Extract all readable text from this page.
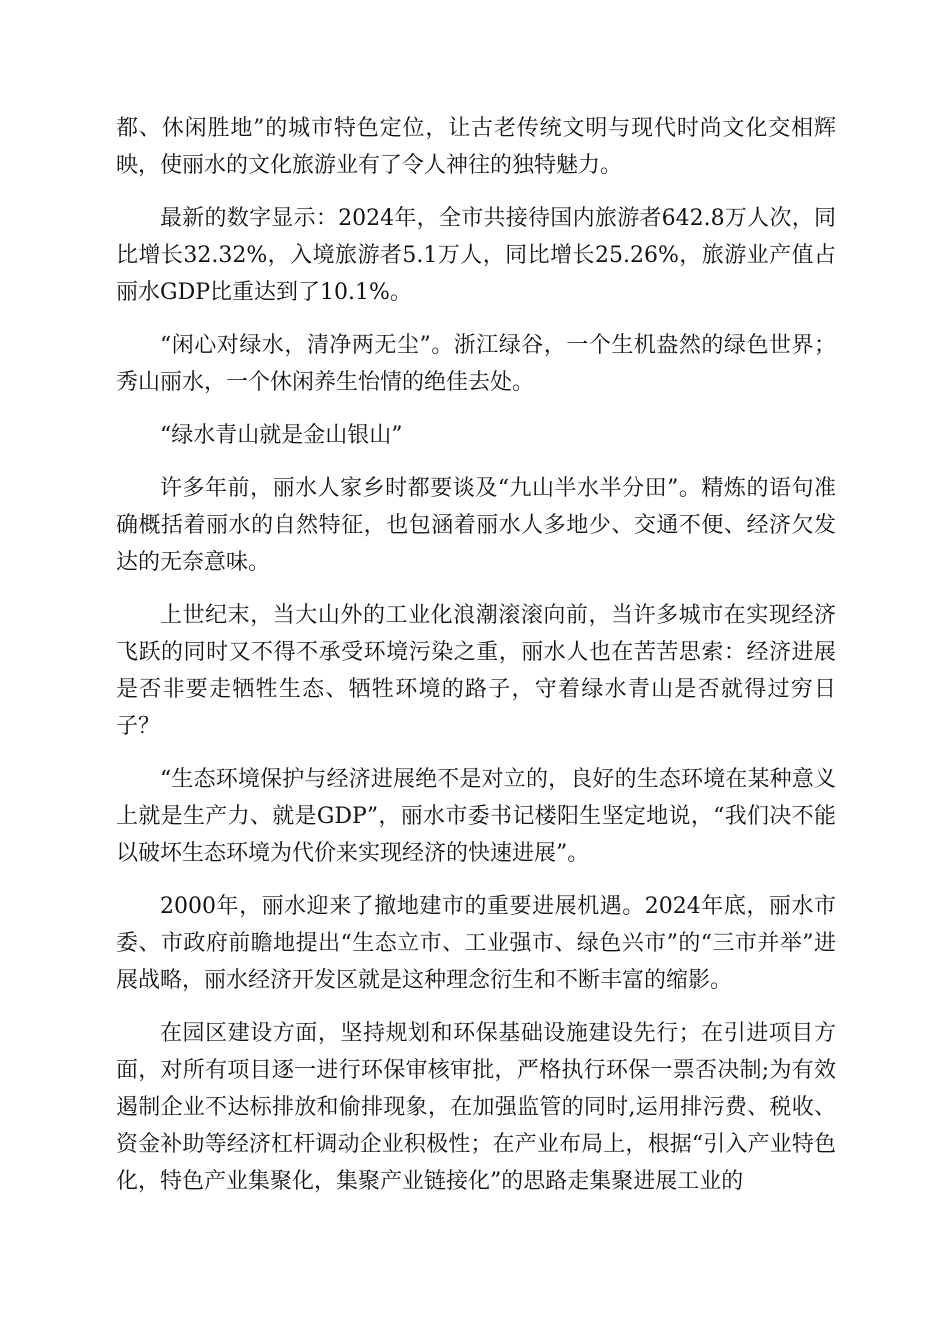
都、休闲胜地”的城市特色定位，让古老传统文明与现代时尚文化交相辉映，使丽水的文化旅游业有了令人神往的独特魅力。

最新的数字显示：2024年，全市共接待国内旅游者642.8万人次，同比增长32.32%，入境旅游者5.1万人，同比增长25.26%，旅游业产值占丽水GDP比重达到了10.1%。

“闲心对绿水，清净两无尘”。浙江绿谷，一个生机盎然的绿色世界；秀山丽水，一个休闲养生怡情的绝佳去处。

“绿水青山就是金山银山”

许多年前，丽水人家乡时都要谈及“九山半水半分田”。精炼的语句准确概括着丽水的自然特征，也包涵着丽水人多地少、交通不便、经济欠发达的无奈意味。

上世纪末，当大山外的工业化浪潮滚滚向前，当许多城市在实现经济飞跃的同时又不得不承受环境污染之重，丽水人也在苦苦思索：经济进展是否非要走牺牲生态、牺牲环境的路子，守着绿水青山是否就得过穷日子？

“生态环境保护与经济进展绝不是对立的，良好的生态环境在某种意义上就是生产力、就是GDP”，丽水市委书记楼阳生坚定地说，“我们决不能以破坏生态环境为代价来实现经济的快速进展”。

2000年，丽水迎来了撤地建市的重要进展机遇。2024年底，丽水市委、市政府前瞻地提出“生态立市、工业强市、绿色兴市”的“三市并举”进展战略，丽水经济开发区就是这种理念衍生和不断丰富的缩影。

在园区建设方面，坚持规划和环保基础设施建设先行；在引进项目方面，对所有项目逐一进行环保审核审批，严格执行环保一票否决制;为有效遏制企业不达标排放和偷排现象，在加强监管的同时,运用排污费、税收、资金补助等经济杠杆调动企业积极性；在产业布局上，根据“引入产业特色化，特色产业集聚化，集聚产业链接化”的思路走集聚进展工业的
